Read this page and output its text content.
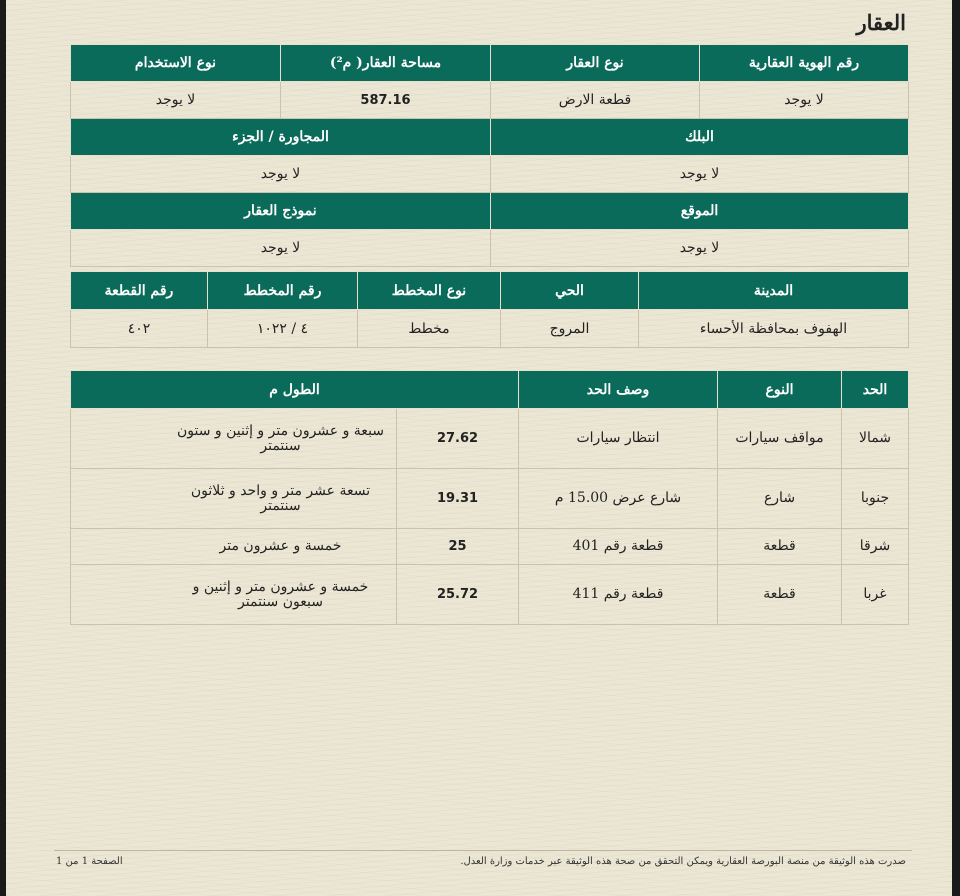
العقار
رقم الهوية العقارية	نوع العقار	مساحة العقار( م²)	نوع الاستخدام
لا يوجد	قطعة الارض	587.16	لا يوجد
البلك		المجاورة / الجزء	
لا يوجد		لا يوجد	
الموقع		نموذج العقار	
لا يوجد		لا يوجد	
المدينة	الحي	نوع المخطط	رقم المخطط	رقم القطعة
الهفوف بمحافظة الأحساء	المروج	مخطط	٤ / ١٠٢٢	٤٠٢
الحد	النوع	وصف الحد	الطول م	
شمالا	مواقف سيارات	انتظار سيارات	27.62	سبعة و عشرون متر و إثنين و ستون سنتمتر
جنوبا	شارع	شارع عرض 15.00 م	19.31	تسعة عشر متر و واحد و ثلاثون سنتمتر
شرقا	قطعة	قطعة رقم 401	25	خمسة و عشرون متر
غربا	قطعة	قطعة رقم 411	25.72	خمسة و عشرون متر و إثنين و سبعون سنتمتر
صدرت هذه الوثيقة من منصة البورصة العقارية ويمكن التحقق من صحة هذه الوثيقة عبر خدمات وزارة العدل.
الصفحة 1 من 1
